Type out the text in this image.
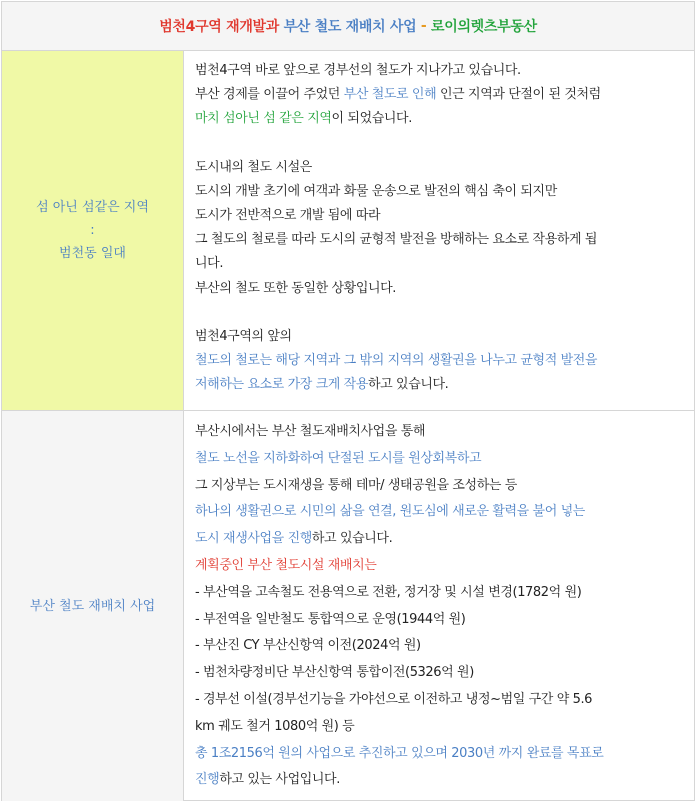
범천4구역 재개발과
부산 철도 재배치 사업
-
로이의렛츠부동산
섬 아닌 섬같은 지역
:
범천동 일대
범천4구역 바로 앞으로 경부선의 철도가 지나가고 있습니다.
부산 경제를 이끌어 주었던 부산 철도로 인해 인근 지역과 단절이 된 것처럼
마치 섬아닌 섬 같은 지역이 되었습니다.
도시내의 철도 시설은
도시의 개발 초기에 여객과 화물 운송으로 발전의 핵심 축이 되지만
도시가 전반적으로 개발 됨에 따라
그 철도의 철로를 따라 도시의 균형적 발전을 방해하는 요소로 작용하게 됩
니다.
부산의 철도 또한 동일한 상황입니다.
범천4구역의 앞의
철도의 철로는 해당 지역과 그 밖의 지역의 생활권을 나누고 균형적 발전을
저해하는 요소로 가장 크게 작용하고 있습니다.
부산 철도 재배치 사업
부산시에서는 부산 철도재배치사업을 통해
철도 노선을 지하화하여 단절된 도시를 원상회복하고
그 지상부는 도시재생을 통해 테마/ 생태공원을 조성하는 등
하나의 생활권으로 시민의 삶을 연결, 원도심에 새로운 활력을 불어 넣는
도시 재생사업을 진행하고 있습니다.
계획중인 부산 철도시설 재배치는
- 부산역을 고속철도 전용역으로 전환, 정거장 및 시설 변경(1782억 원)
- 부전역을 일반철도 통합역으로 운영(1944억 원)
- 부산진 CY 부산신항역 이전(2024억 원)
- 범천차량정비단 부산신항역 통합이전(5326억 원)
- 경부선 이설(경부선기능을 가야선으로 이전하고 냉정~범일 구간 약 5.6
km 궤도 철거 1080억 원) 등
총 1조2156억 원의 사업으로 추진하고 있으며 2030년 까지 완료를 목표로
진행하고 있는 사업입니다.
